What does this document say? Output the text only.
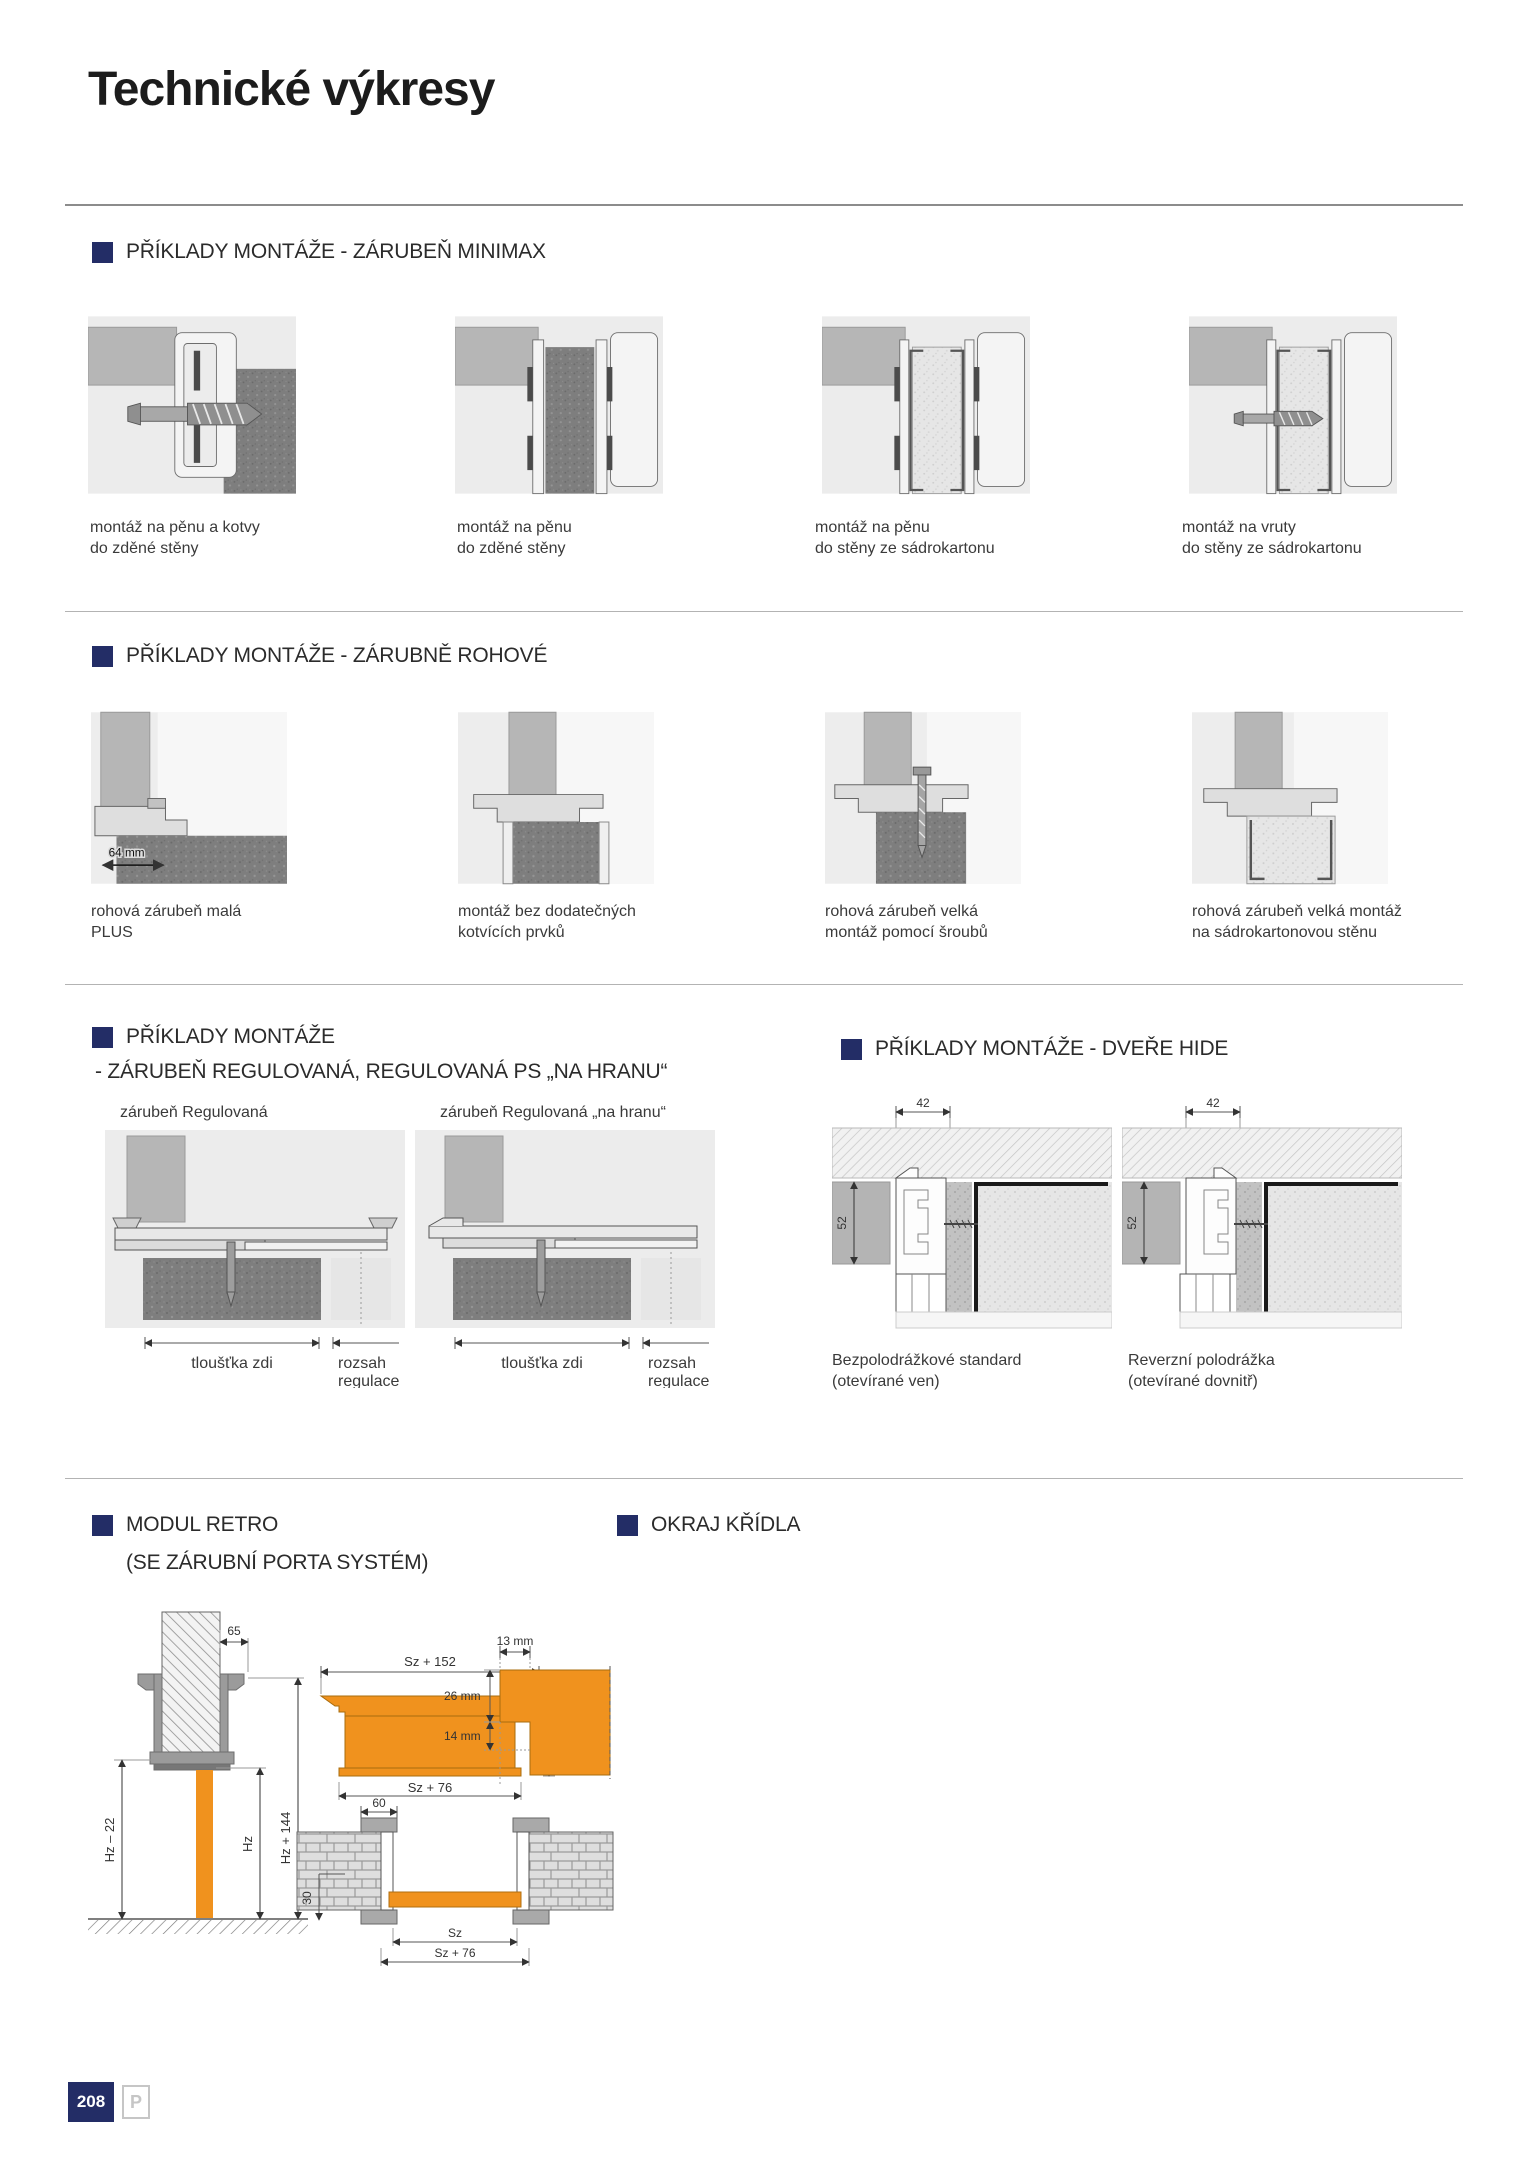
Technické výkresy
PŘÍKLADY MONTÁŽE - ZÁRUBEŇ MINIMAX
montáž na pěnu a kotvy
do zděné stěny
montáž na pěnu
do zděné stěny
montáž na pěnu
do stěny ze sádrokartonu
montáž na vruty
do stěny ze sádrokartonu
PŘÍKLADY MONTÁŽE - ZÁRUBNĚ ROHOVÉ
64 mm
rohová zárubeň malá
PLUS
montáž bez dodatečných
kotvících prvků
rohová zárubeň velká
montáž pomocí šroubů
rohová zárubeň velká montáž
na sádrokartonovou stěnu
PŘÍKLADY MONTÁŽE
- ZÁRUBEŇ REGULOVANÁ, REGULOVANÁ PS „NA HRANU“
PŘÍKLADY MONTÁŽE - DVEŘE HIDE
zárubeň Regulovaná	zárubeň Regulovaná „na hranu“
tloušťka zdi	rozsah
regulace
tloušťka zdi	rozsah
regulace
42
52
42
52
Bezpolodrážkové standard
(otevírané ven)
Reverzní polodrážka
(otevírané dovnitř)
MODUL RETRO
(SE ZÁRUBNÍ PORTA SYSTÉM)
OKRAJ KŘÍDLA
65
Hz – 22	Hz Hz + 144
Sz + 152
Sz + 76
60
30
Sz
Sz + 76
13 mm
26 mm
14 mm
208 P
